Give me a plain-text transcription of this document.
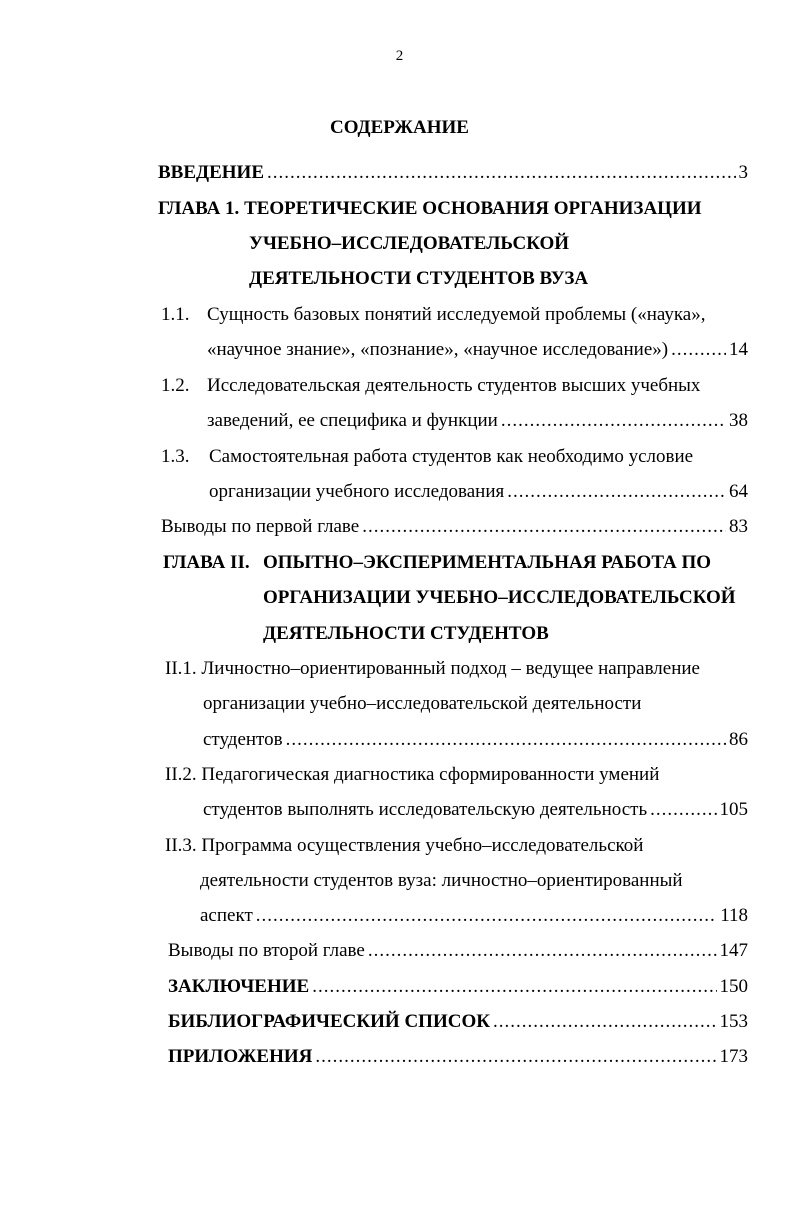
2
СОДЕРЖАНИЕ
ВВЕДЕНИЕ .....	3
ГЛАВА 1. ТЕОРЕТИЧЕСКИЕ ОСНОВАНИЯ ОРГАНИЗАЦИИ
УЧЕБНО–ИССЛЕДОВАТЕЛЬСКОЙ
ДЕЯТЕЛЬНОСТИ СТУДЕНТОВ ВУЗА
1.1. Сущность базовых понятий исследуемой проблемы («наука»,
«научное знание», «познание», «научное исследование») .....	14
1.2. Исследовательская деятельность студентов высших учебных
заведений, ее специфика и функции .....	38
1.3. Самостоятельная работа студентов как необходимо условие
организации учебного исследования .....	64
Выводы по первой главе .....	83
ГЛАВА II. ОПЫТНО–ЭКСПЕРИМЕНТАЛЬНАЯ РАБОТА ПО
ОРГАНИЗАЦИИ УЧЕБНО–ИССЛЕДОВАТЕЛЬСКОЙ
ДЕЯТЕЛЬНОСТИ СТУДЕНТОВ
II.1. Личностно–ориентированный подход – ведущее направление
организации учебно–исследовательской деятельности
студентов .....	86
II.2. Педагогическая диагностика сформированности умений
студентов выполнять исследовательскую деятельность .....	105
II.3. Программа осуществления учебно–исследовательской
деятельности студентов вуза: личностно–ориентированный
аспект .....	118
Выводы по второй главе .....	147
ЗАКЛЮЧЕНИЕ .....	150
БИБЛИОГРАФИЧЕСКИЙ СПИСОК .....	153
ПРИЛОЖЕНИЯ .....	173
